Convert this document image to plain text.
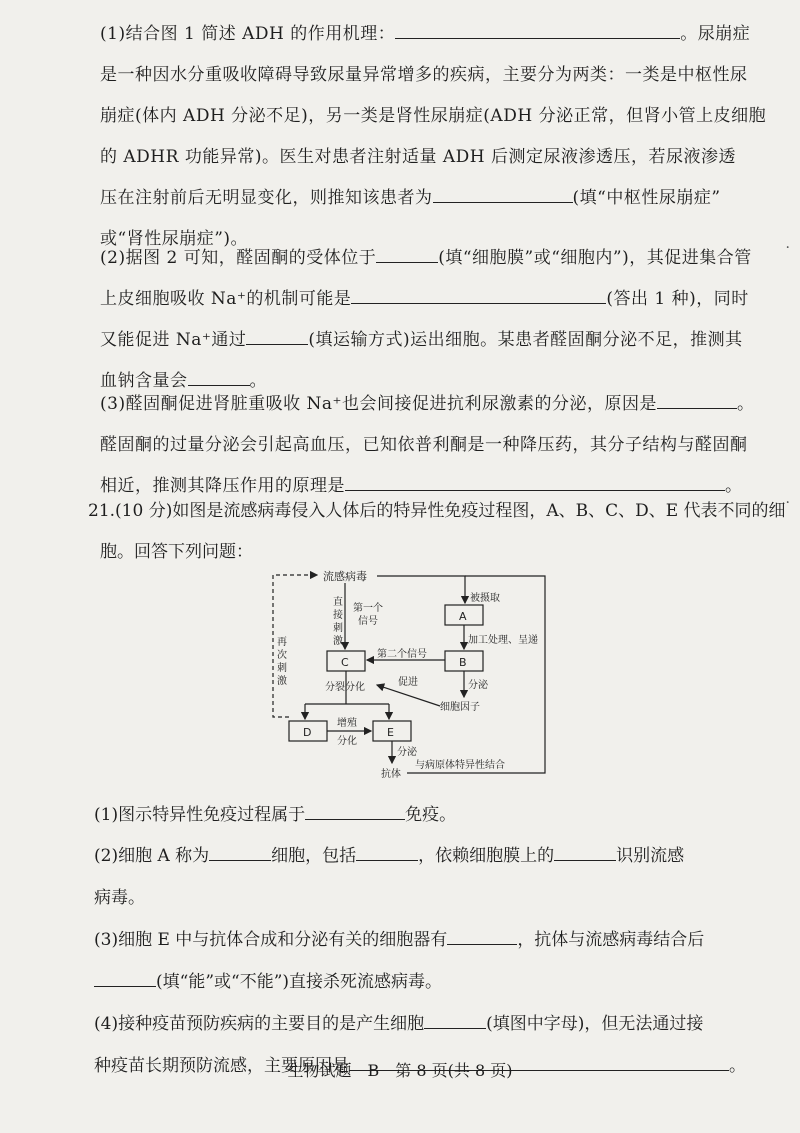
(1)结合图 1 简述 ADH 的作用机理：	。尿崩症
是一种因水分重吸收障碍导致尿量异常增多的疾病，主要分为两类：一类是中枢性尿
崩症(体内 ADH 分泌不足)，另一类是肾性尿崩症(ADH 分泌正常，但肾小管上皮细胞
的 ADHR 功能异常)。医生对患者注射适量 ADH 后测定尿液渗透压，若尿液渗透
压在注射前后无明显变化，则推知该患者为	(填“中枢性尿崩症”
或“肾性尿崩症”)。
(2)据图 2 可知，醛固酮的受体位于	(填“细胞膜”或“细胞内”)，其促进集合管
上皮细胞吸收 Na⁺的机制可能是	(答出 1 种)，同时
又能促进 Na⁺通过	(填运输方式)运出细胞。某患者醛固酮分泌不足，推测其
血钠含量会	。
(3)醛固酮促进肾脏重吸收 Na⁺也会间接促进抗利尿激素的分泌，原因是	。
醛固酮的过量分泌会引起高血压，已知依普利酮是一种降压药，其分子结构与醛固酮
相近，推测其降压作用的原理是	。
21.(10 分)如图是流感病毒侵入人体后的特异性免疫过程图，A、B、C、D、E 代表不同的细
胞。回答下列问题：
流感病毒
被摄取
直
接
刺
激
第一个
信号
再
次
刺
激
A
加工处理、呈递
B
C
第二个信号
分泌
细胞因子
促进
分裂分化
D	E
增殖
分化
分泌
抗体
与病原体特异性结合
(1)图示特异性免疫过程属于	免疫。
(2)细胞 A 称为	细胞，包括	，依赖细胞膜上的	识别流感
病毒。
(3)细胞 E 中与抗体合成和分泌有关的细胞器有	，抗体与流感病毒结合后
(填“能”或“不能”)直接杀死流感病毒。
(4)接种疫苗预防疾病的主要目的是产生细胞	(填图中字母)，但无法通过接
种疫苗长期预防流感，主要原因是	。
生物试题　B　第 8 页(共 8 页)
·
·
